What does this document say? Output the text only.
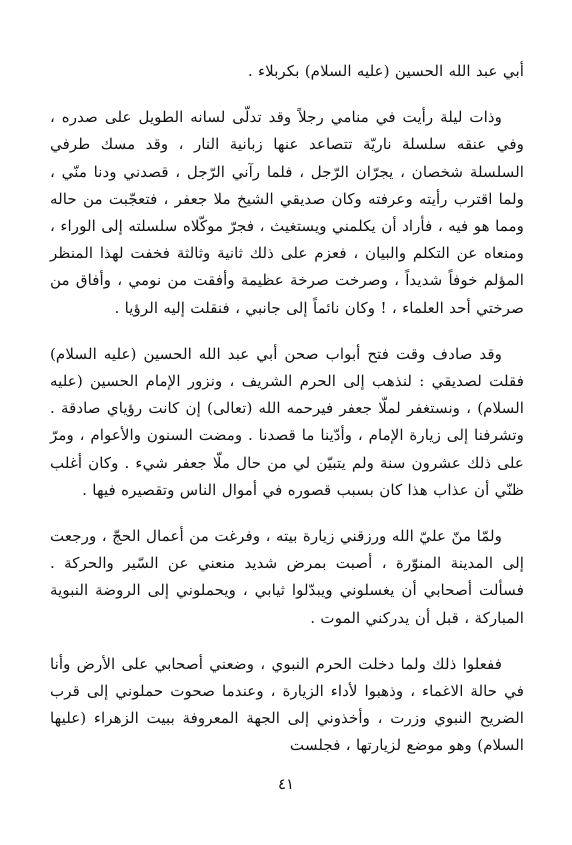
أبي عبد الله الحسين (عليه السلام) بكربلاء .

وذات ليلة رأيت في منامي رجلاً وقد تدلّى لسانه الطويل على صدره ، وفي عنقه سلسلة ناريّة تتصاعد عنها زبانية النار ، وقد مسك طرفي السلسلة شخصان ، يجرّان الرّجل ، فلما رآني الرّجل ، قصدني ودنا منّي ، ولما اقترب رأيته وعرفته وكان صديقي الشيخ ملا جعفر ، فتعجّبت من حاله ومما هو فيه ، فأراد أن يكلمني ويستغيث ، فجرّ موكّلاه سلسلته إلى الوراء ، ومنعاه عن التكلم والبيان ، فعزم على ذلك ثانية وثالثة فخفت لهذا المنظر المؤلم خوفاً شديداً ، وصرخت صرخة عظيمة وأفقت من نومي ، وأفاق من صرختي أحد العلماء ، ! وكان نائماً إلى جانبي ، فنقلت إليه الرؤيا .

وقد صادف وقت فتح أبواب صحن أبي عبد الله الحسين (عليه السلام) فقلت لصديقي : لنذهب إلى الحرم الشريف ، ونزور الإمام الحسين (عليه السلام) ، ونستغفر لملّا جعفر فيرحمه الله (تعالى) إن كانت رؤياي صادقة . وتشرفنا إلى زيارة الإمام ، وأدّينا ما قصدنا . ومضت السنون والأعوام ، ومرّ على ذلك عشرون سنة ولم يتبيّن لي من حال ملّا جعفر شيء . وكان أغلب ظنّي أن عذاب هذا كان بسبب قصوره في أموال الناس وتقصيره فيها .

ولمّا منّ عليّ الله ورزقني زيارة بيته ، وفرغت من أعمال الحجّ ، ورجعت إلى المدينة المنوّرة ، أصبت بمرض شديد منعني عن السّير والحركة . فسألت أصحابي أن يغسلوني ويبدّلوا ثيابي ، ويحملوني إلى الروضة النبوية المباركة ، قبل أن يدركني الموت .

ففعلوا ذلك ولما دخلت الحرم النبوي ، وضعني أصحابي على الأرض وأنا في حالة الاغماء ، وذهبوا لأداء الزيارة ، وعندما صحوت حملوني إلى قرب الضريح النبوي وزرت ، وأخذوني إلى الجهة المعروفة ببيت الزهراء (عليها السلام) وهو موضع لزيارتها ، فجلست

٤١
